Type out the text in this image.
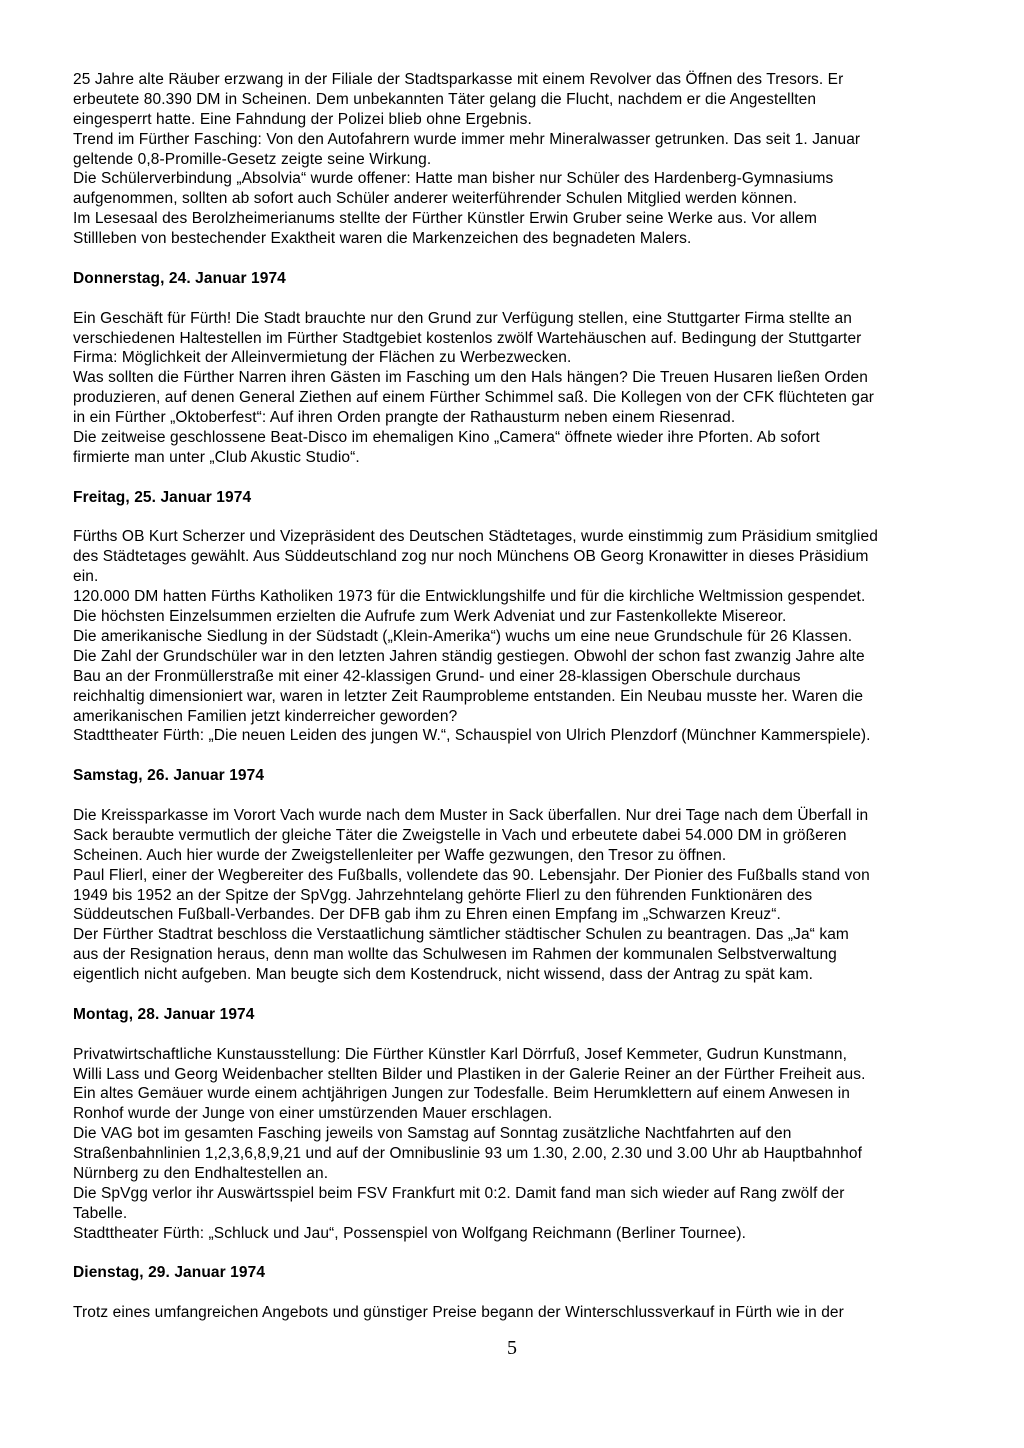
25 Jahre alte Räuber erzwang in der Filiale der Stadtsparkasse mit einem Revolver das Öffnen des Tresors. Er
erbeutete 80.390 DM in Scheinen. Dem unbekannten Täter gelang die Flucht, nachdem er die Angestellten
eingesperrt hatte. Eine Fahndung der Polizei blieb ohne Ergebnis.
Trend im Fürther Fasching: Von den Autofahrern wurde immer mehr Mineralwasser getrunken. Das seit 1. Januar
geltende 0,8-Promille-Gesetz zeigte seine Wirkung.
Die Schülerverbindung „Absolvia“ wurde offener: Hatte man bisher nur Schüler des Hardenberg-Gymnasiums
aufgenommen, sollten ab sofort auch Schüler anderer weiterführender Schulen Mitglied werden können.
Im Lesesaal des Berolzheimerianums stellte der Fürther Künstler Erwin Gruber seine Werke aus. Vor allem
Stillleben von bestechender Exaktheit waren die Markenzeichen des begnadeten Malers.

Donnerstag, 24. Januar 1974

Ein Geschäft für Fürth! Die Stadt brauchte nur den Grund zur Verfügung stellen, eine Stuttgarter Firma stellte an
verschiedenen Haltestellen im Fürther Stadtgebiet kostenlos zwölf Wartehäuschen auf. Bedingung der Stuttgarter
Firma: Möglichkeit der Alleinvermietung der Flächen zu Werbezwecken.
Was sollten die Fürther Narren ihren Gästen im Fasching um den Hals hängen? Die Treuen Husaren ließen Orden
produzieren, auf denen General Ziethen auf einem Fürther Schimmel saß. Die Kollegen von der CFK flüchteten gar
in ein Fürther „Oktoberfest“: Auf ihren Orden prangte der Rathausturm neben einem Riesenrad.
Die zeitweise geschlossene Beat-Disco im ehemaligen Kino „Camera“ öffnete wieder ihre Pforten. Ab sofort
firmierte man unter „Club Akustic Studio“.

Freitag, 25. Januar 1974

Fürths OB Kurt Scherzer und Vizepräsident des Deutschen Städtetages, wurde einstimmig zum Präsidium smitglied
des Städtetages gewählt. Aus Süddeutschland zog nur noch Münchens OB Georg Kronawitter in dieses Präsidium
ein.
120.000 DM hatten Fürths Katholiken 1973 für die Entwicklungshilfe und für die kirchliche Weltmission gespendet.
Die höchsten Einzelsummen erzielten die Aufrufe zum Werk Adveniat und zur Fastenkollekte Misereor.
Die amerikanische Siedlung in der Südstadt („Klein-Amerika“) wuchs um eine neue Grundschule für 26 Klassen.
Die Zahl der Grundschüler war in den letzten Jahren ständig gestiegen. Obwohl der schon fast zwanzig Jahre alte
Bau an der Fronmüllerstraße mit einer 42-klassigen Grund- und einer 28-klassigen Oberschule durchaus
reichhaltig dimensioniert war, waren in letzter Zeit Raumprobleme entstanden. Ein Neubau musste her. Waren die
amerikanischen Familien jetzt kinderreicher geworden?
Stadttheater Fürth: „Die neuen Leiden des jungen W.“, Schauspiel von Ulrich Plenzdorf (Münchner Kammerspiele).

Samstag, 26. Januar 1974

Die Kreissparkasse im Vorort Vach wurde nach dem Muster in Sack überfallen. Nur drei Tage nach dem Überfall in
Sack beraubte vermutlich der gleiche Täter die Zweigstelle in Vach und erbeutete dabei 54.000 DM in größeren
Scheinen. Auch hier wurde der Zweigstellenleiter per Waffe gezwungen, den Tresor zu öffnen.
Paul Flierl, einer der Wegbereiter des Fußballs, vollendete das 90. Lebensjahr. Der Pionier des Fußballs stand von
1949 bis 1952 an der Spitze der SpVgg. Jahrzehntelang gehörte Flierl zu den führenden Funktionären des
Süddeutschen Fußball-Verbandes. Der DFB gab ihm zu Ehren einen Empfang im „Schwarzen Kreuz“.
Der Fürther Stadtrat beschloss die Verstaatlichung sämtlicher städtischer Schulen zu beantragen. Das „Ja“ kam
aus der Resignation heraus, denn man wollte das Schulwesen im Rahmen der kommunalen Selbstverwaltung
eigentlich nicht aufgeben. Man beugte sich dem Kostendruck, nicht wissend, dass der Antrag zu spät kam.

Montag, 28. Januar 1974

Privatwirtschaftliche Kunstausstellung: Die Fürther Künstler Karl Dörrfuß, Josef Kemmeter, Gudrun Kunstmann,
Willi Lass und Georg Weidenbacher stellten Bilder und Plastiken in der Galerie Reiner an der Fürther Freiheit aus.
Ein altes Gemäuer wurde einem achtjährigen Jungen zur Todesfalle. Beim Herumklettern auf einem Anwesen in
Ronhof wurde der Junge von einer umstürzenden Mauer erschlagen.
Die VAG bot im gesamten Fasching jeweils von Samstag auf Sonntag zusätzliche Nachtfahrten auf den
Straßenbahnlinien 1,2,3,6,8,9,21 und auf der Omnibuslinie 93 um 1.30, 2.00, 2.30 und 3.00 Uhr ab Hauptbahnhof
Nürnberg zu den Endhaltestellen an.
Die SpVgg verlor ihr Auswärtsspiel beim FSV Frankfurt mit 0:2. Damit fand man sich wieder auf Rang zwölf der
Tabelle.
Stadttheater Fürth: „Schluck und Jau“, Possenspiel von Wolfgang Reichmann (Berliner Tournee).

Dienstag, 29. Januar 1974

Trotz eines umfangreichen Angebots und günstiger Preise begann der Winterschlussverkauf in Fürth wie in der

5
